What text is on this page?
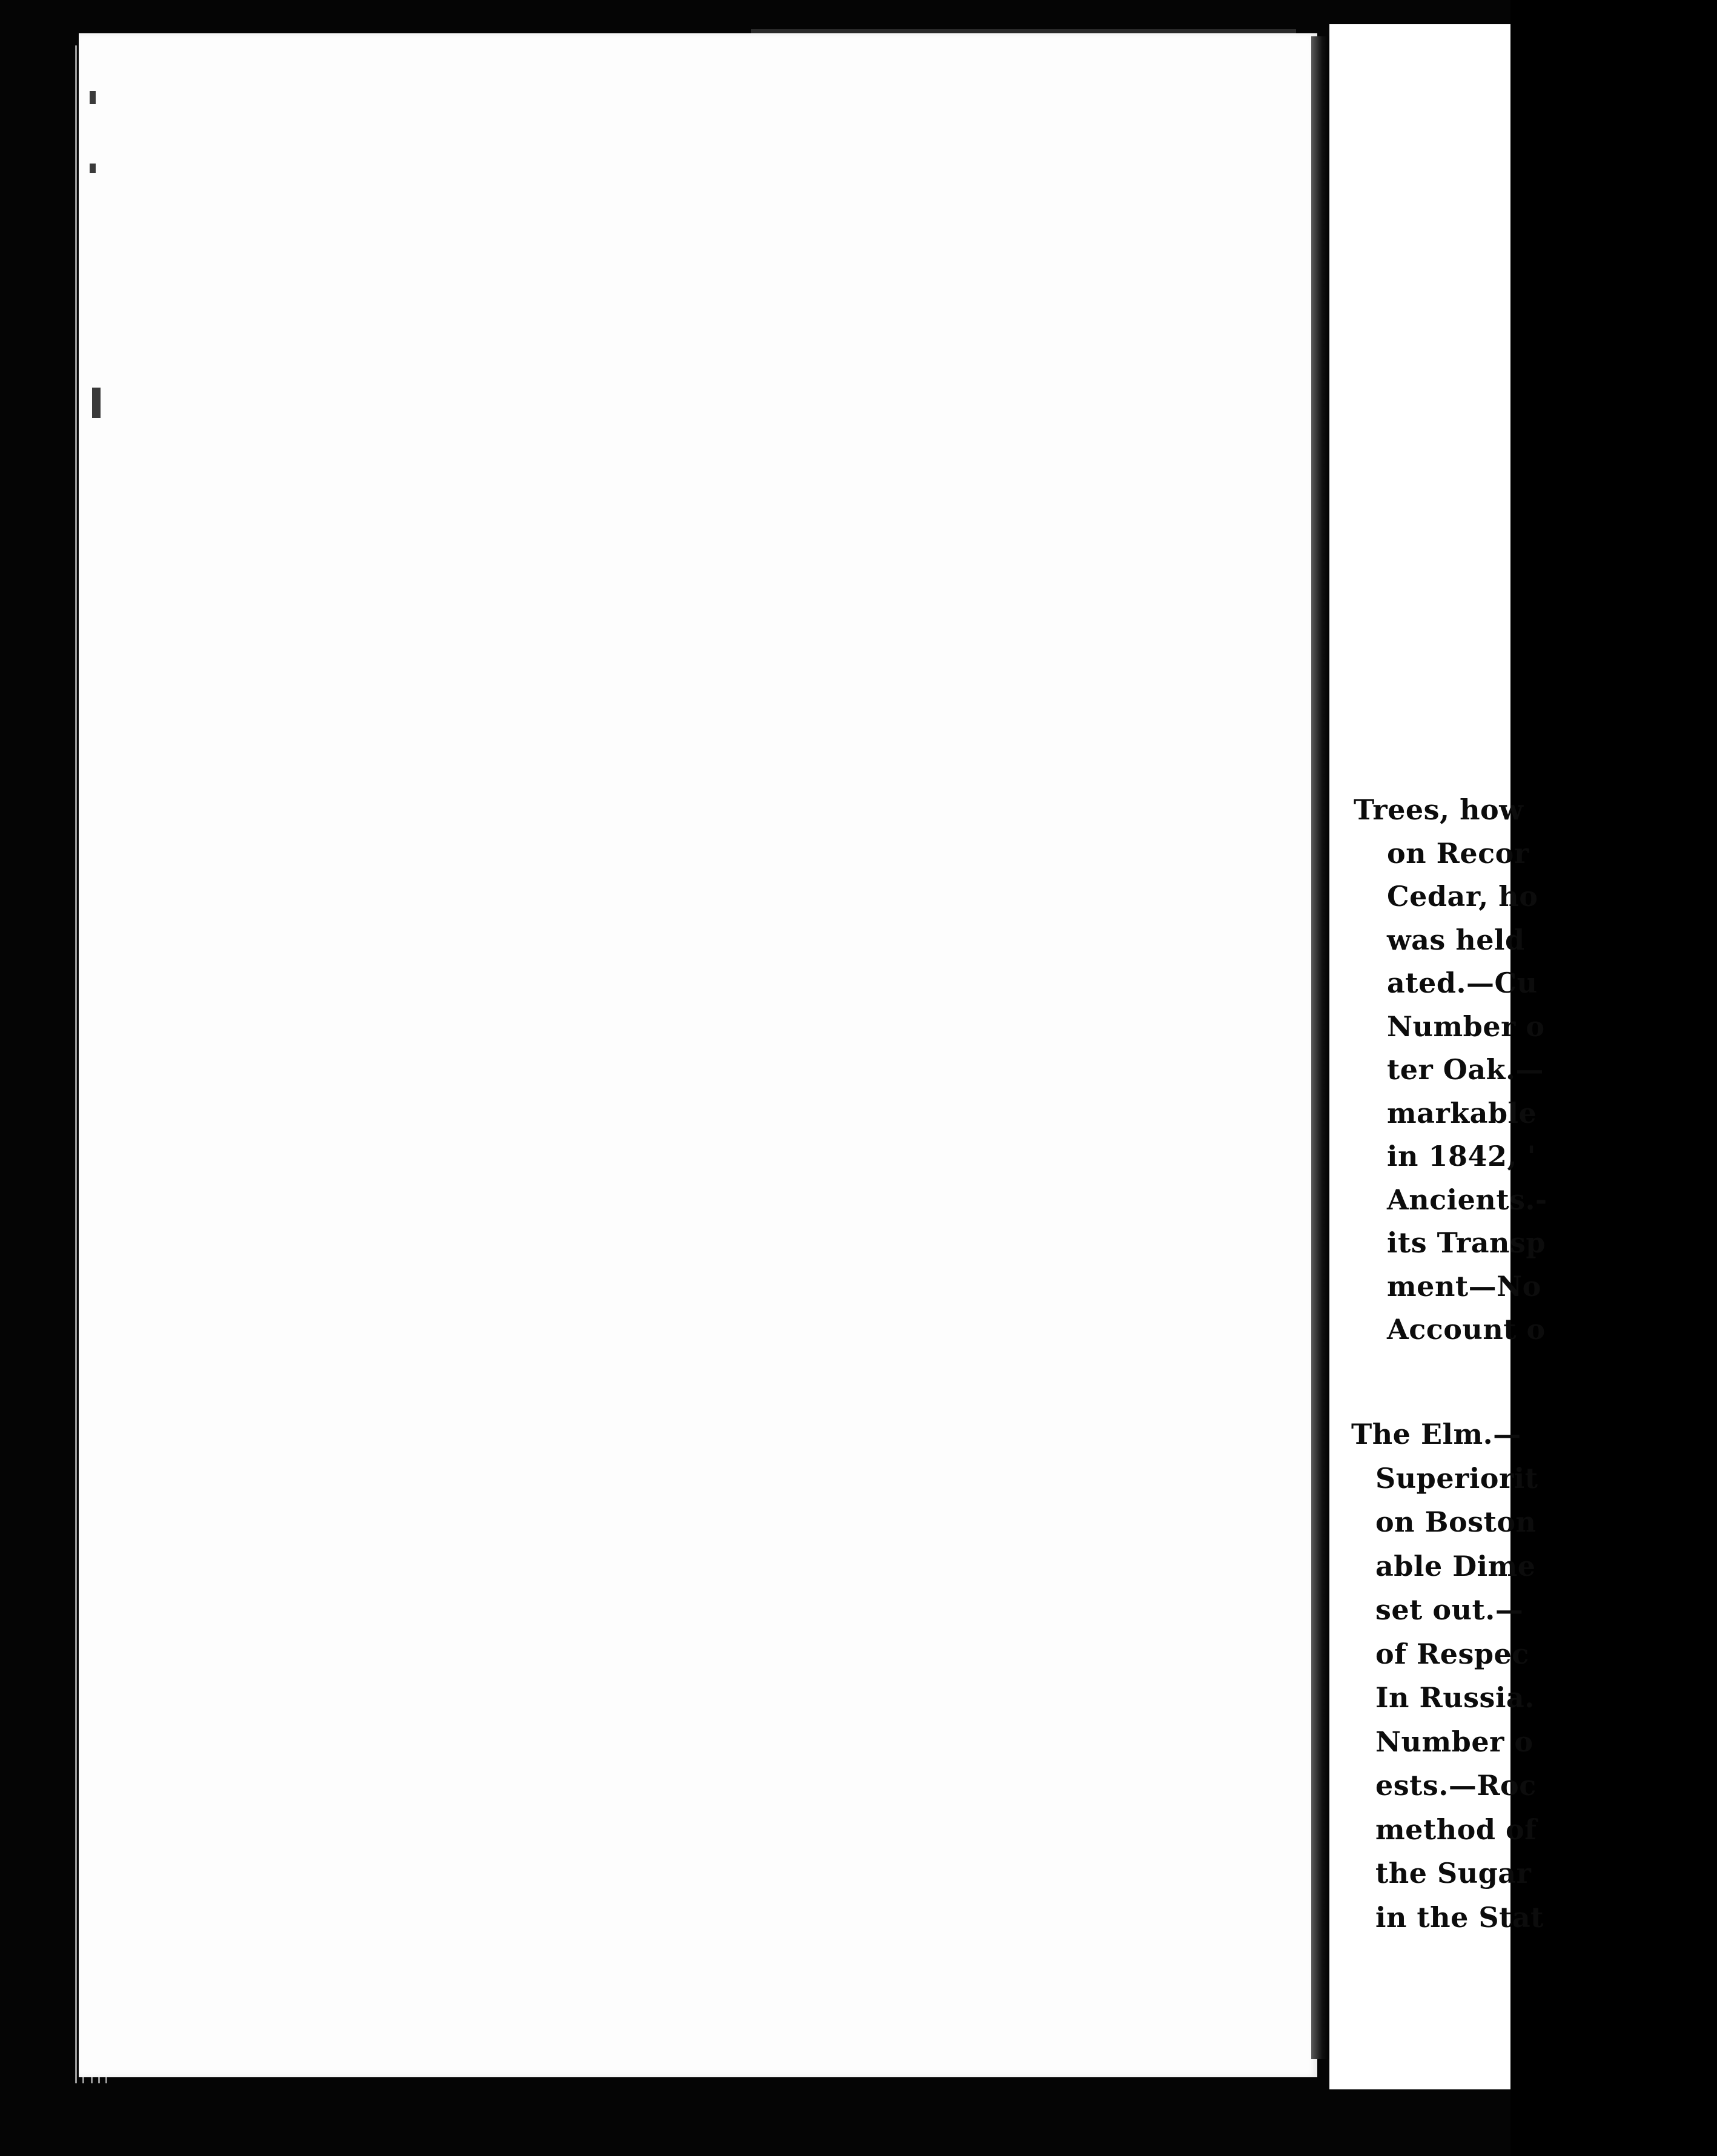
Trees, how
on Recor
Cedar, ho
was held
ated.—Cu
Number o
ter Oak.—
markable
in 1842, '
Ancients.-
its Transp
ment—No
Account o
The Elm.—
Superiorit
on Boston
able Dime
set out.—
of Respec
In Russia.
Number o
ests.—Roc
method of
the Sugar
in the Stat
